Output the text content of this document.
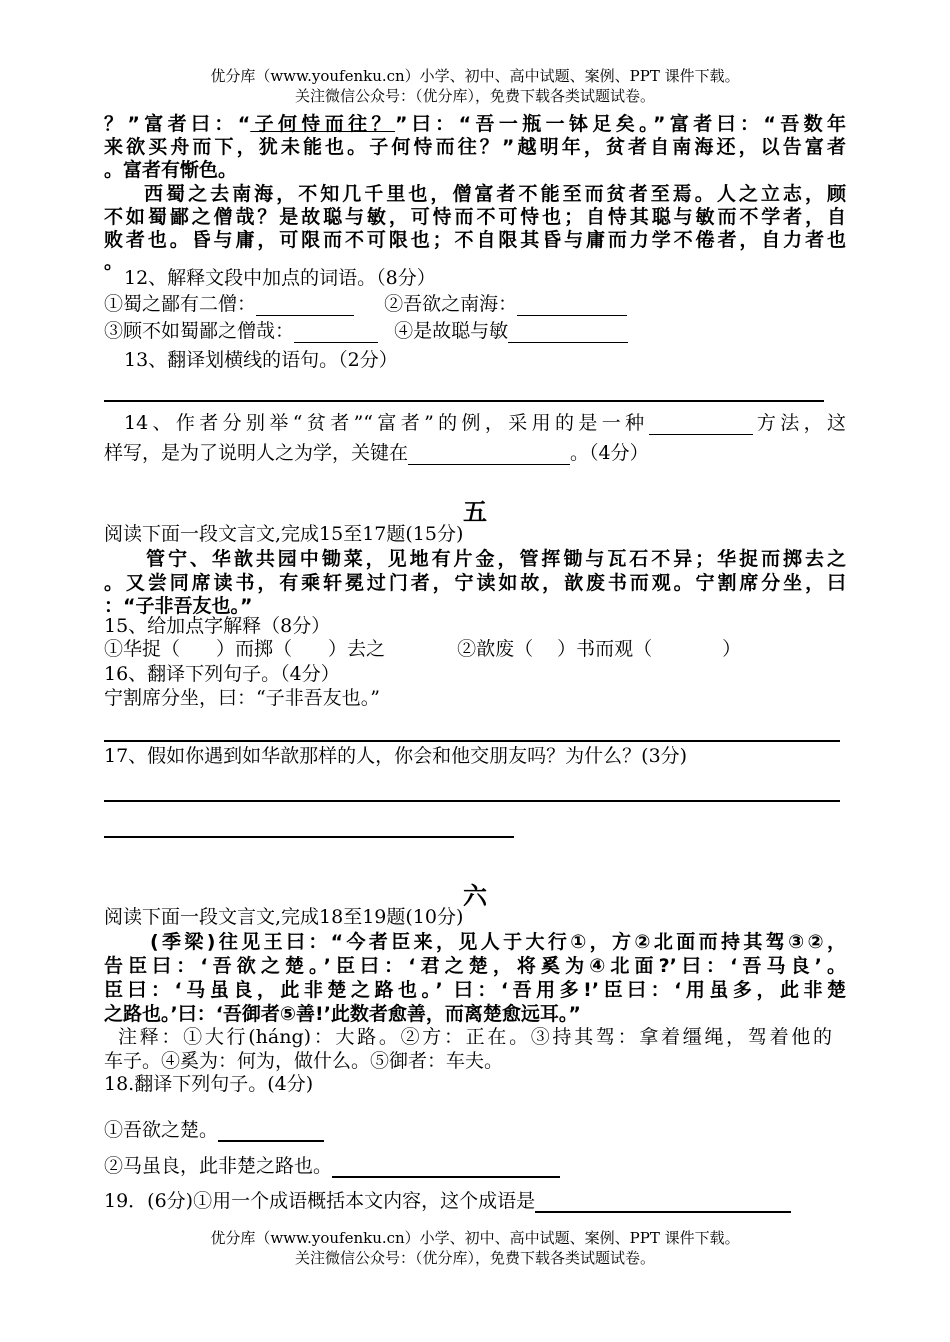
优分库（www.youfenku.cn）小学、初中、高中试题、案例、PPT 课件下载。
关注微信公众号：（优分库），免费下载各类试题试卷。
？”富者曰：“子何恃而往？”曰：“吾一瓶一钵足矣。”富者曰：“吾数年
来欲买舟而下，犹未能也。子何恃而往？”越明年，贫者自南海还，以告富者
。富者有惭色。
西蜀之去南海，不知几千里也，僧富者不能至而贫者至焉。人之立志，顾
不如蜀鄙之僧哉？是故聪与敏，可恃而不可恃也；自恃其聪与敏而不学者，自
败者也。昏与庸，可限而不可限也；不自限其昏与庸而力学不倦者，自力者也
。
12、解释文段中加点的词语。（8分）
①蜀之鄙有二僧：	②吾欲之南海：
③顾不如蜀鄙之僧哉：	④是故聪与敏
13、翻译划横线的语句。（2分）
14、作者分别举“贫者”“富者”的例，采用的是一种	方法，这
样写，是为了说明人之为学，关键在	。（4分）
五
阅读下面一段文言文,完成15至17题(15分)
管宁、华歆共园中锄菜，见地有片金，管挥锄与瓦石不异；华捉而掷去之
。又尝同席读书，有乘轩冕过门者，宁读如故，歆废书而观。宁割席分坐，曰
：“子非吾友也。”
15、给加点字解释（8分）
①华捉（ ）而掷（ ）去之	②歆废（ ）书而观（	）
16、翻译下列句子。（4分）
宁割席分坐，曰：“子非吾友也。”
17、假如你遇到如华歆那样的人，你会和他交朋友吗？为什么？(3分)
六
阅读下面一段文言文,完成18至19题(10分)
(季梁)往见王曰：“今者臣来，见人于大行①，方②北面而持其驾③②，
告臣曰：‘吾欲之楚。’臣曰：‘君之楚，将奚为④北面?’曰：‘吾马良’。
臣曰：‘马虽良，此非楚之路也。’ 曰：‘吾用多!’臣曰：‘用虽多，此非楚
之路也。’曰：‘吾御者⑤善!’此数者愈善，而离楚愈远耳。”
注释：①大行(háng)：大路。②方：正在。③持其驾：拿着缰绳，驾着他的
车子。④奚为：何为，做什么。⑤御者：车夫。
18.翻译下列句子。(4分)
①吾欲之楚。
②马虽良，此非楚之路也。
19．(6分)①用一个成语概括本文内容，这个成语是
优分库（www.youfenku.cn）小学、初中、高中试题、案例、PPT 课件下载。
关注微信公众号：（优分库），免费下载各类试题试卷。
